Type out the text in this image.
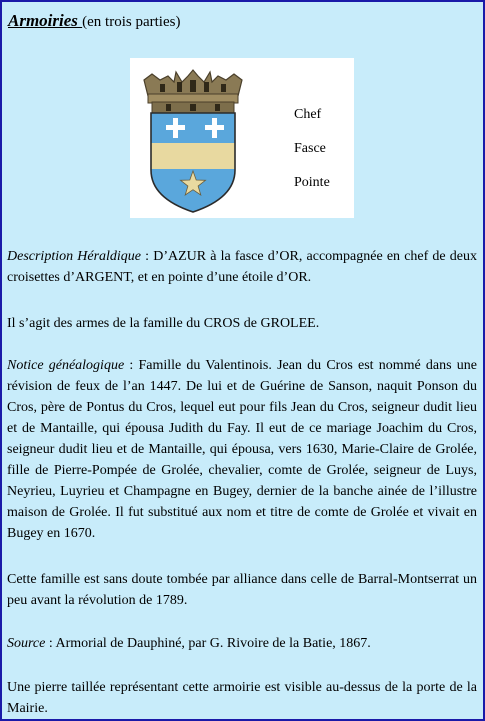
Armoiries (en trois parties)
Chef
Fasce
Pointe
Description Héraldique : D’AZUR à la fasce d’OR, accompagnée en chef de deux croisettes d’ARGENT, et en pointe d’une étoile d’OR.
Il s’agit des armes de la famille du CROS de GROLEE.
Notice généalogique : Famille du Valentinois. Jean du Cros est nommé dans une révision de feux de l’an 1447. De lui et de Guérine de Sanson, naquit Ponson du Cros, père de Pontus du Cros, lequel eut pour fils Jean du Cros, seigneur dudit lieu et de Mantaille, qui épousa Judith du Fay. Il eut de ce mariage Joachim du Cros, seigneur dudit lieu et de Mantaille, qui épousa, vers 1630, Marie-Claire de Grolée, fille de Pierre-Pompée de Grolée, chevalier, comte de Grolée, seigneur de Luys, Neyrieu, Luyrieu et Champagne en Bugey, dernier de la banche ainée de l’illustre maison de Grolée. Il fut substitué aux nom et titre de comte de Grolée et vivait en Bugey en 1670.
Cette famille est sans doute tombée par alliance dans celle de Barral-Montserrat un peu avant la révolution de 1789.
Source : Armorial de Dauphiné, par G. Rivoire de la Batie, 1867.
Une pierre taillée représentant cette armoirie est visible au-dessus de la porte de la Mairie.
